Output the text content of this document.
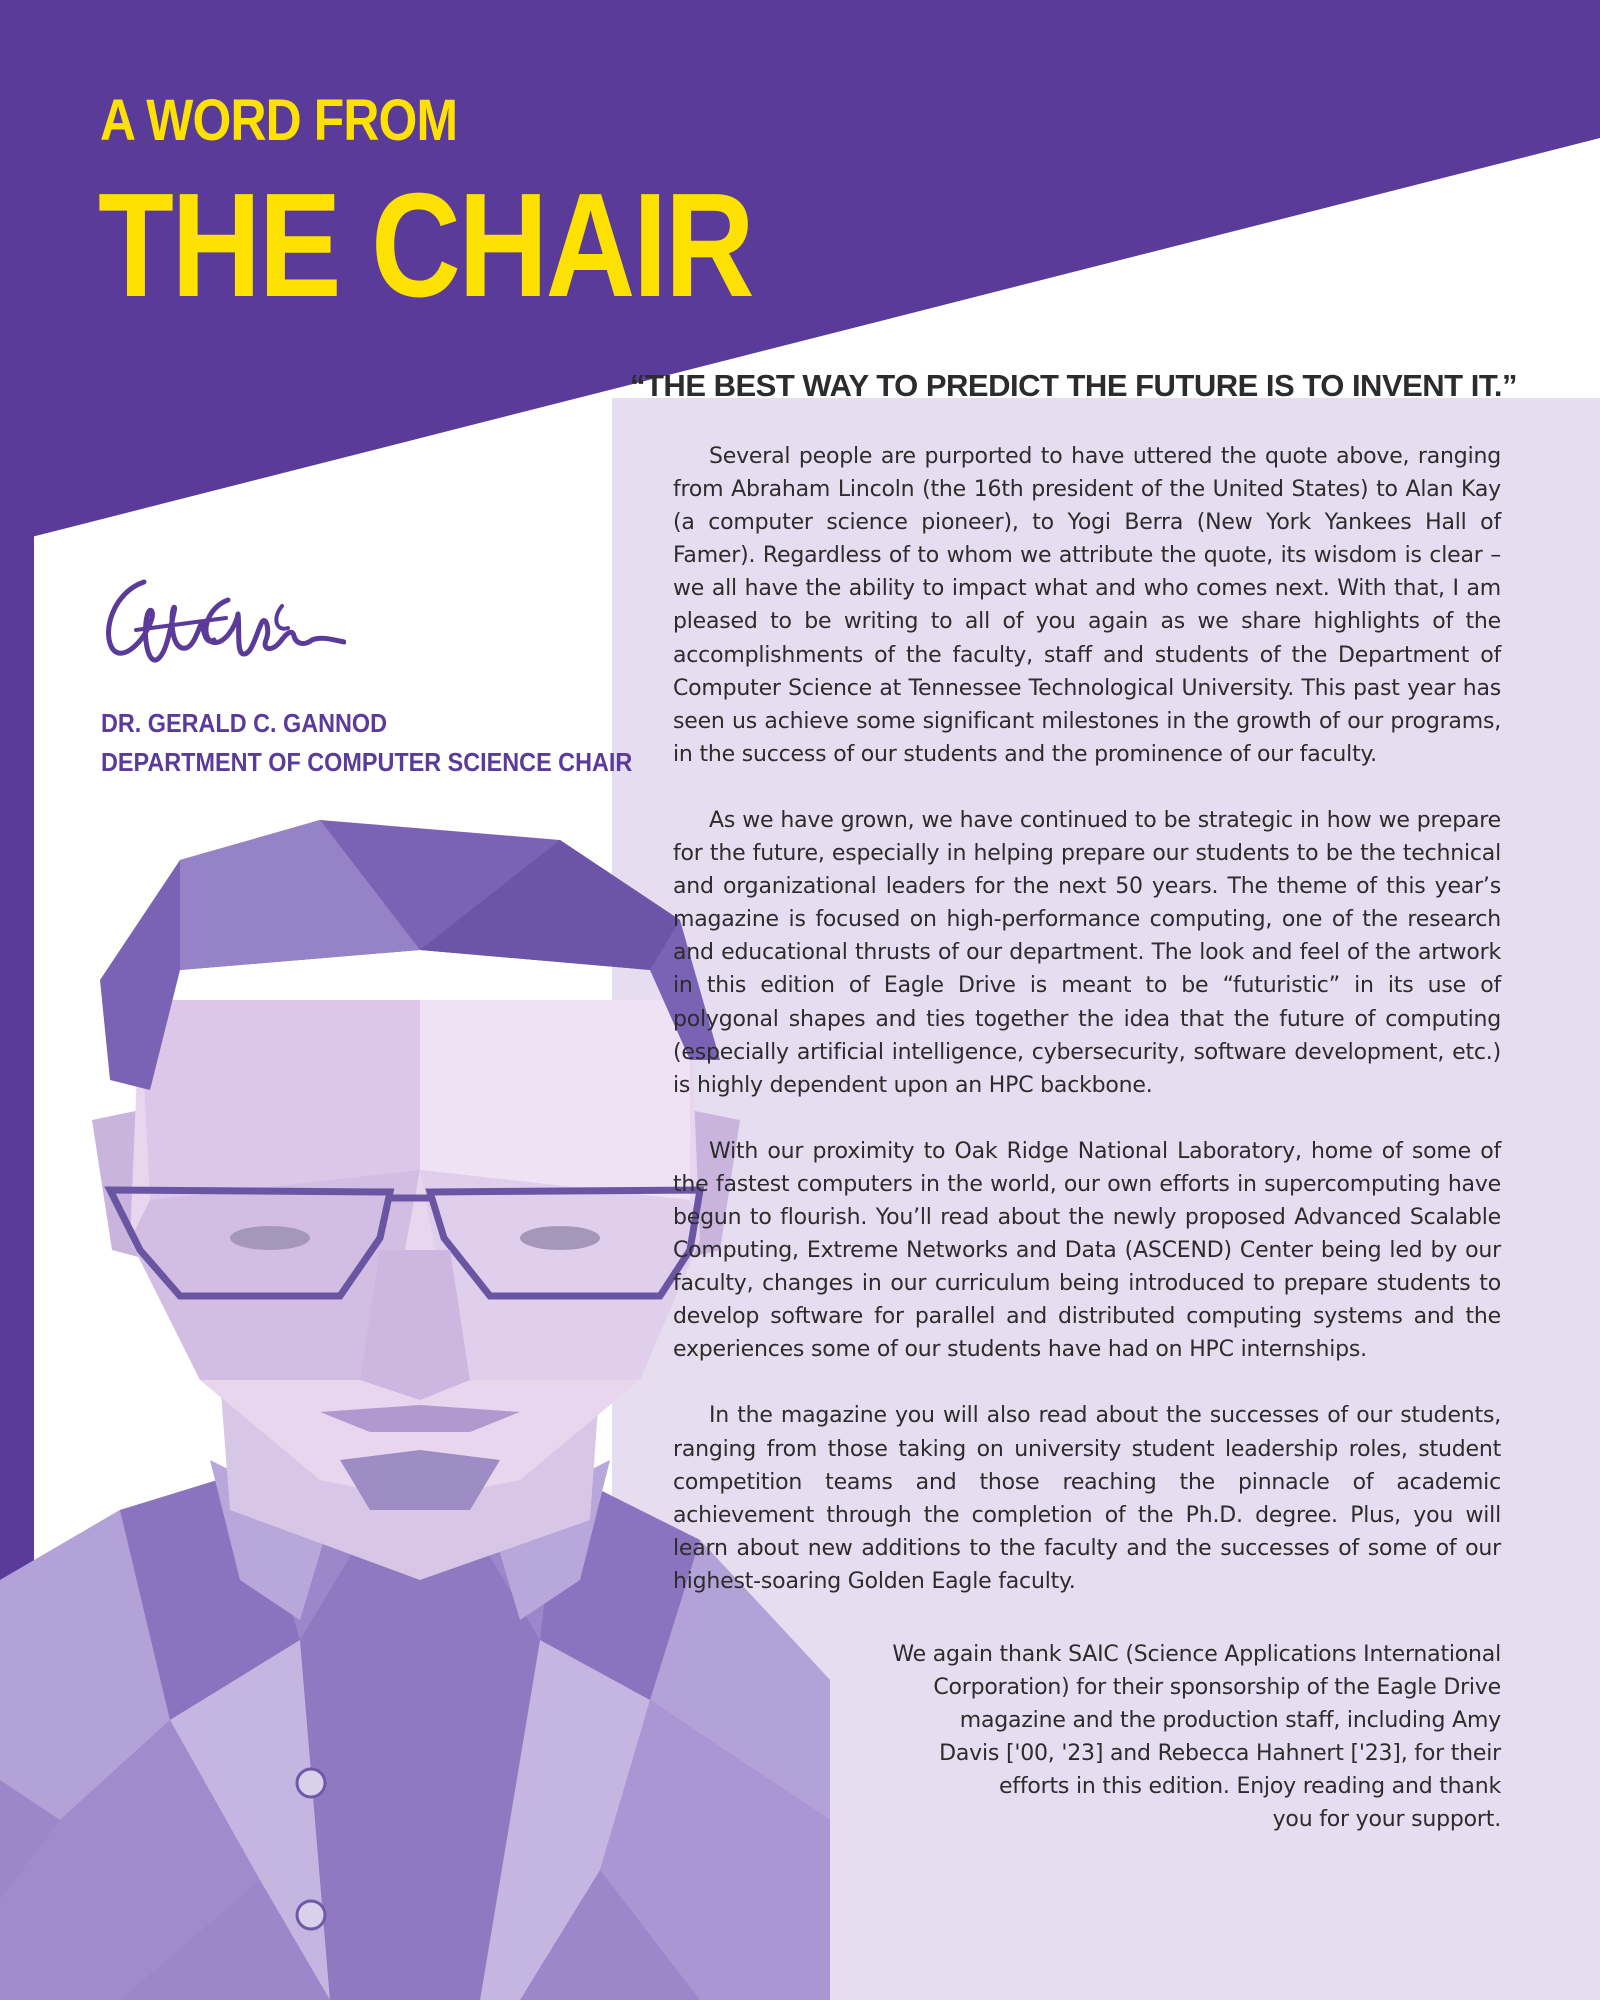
A WORD FROM
THE CHAIR
“THE BEST WAY TO PREDICT THE FUTURE IS TO INVENT IT.”
DR. GERALD C. GANNOD
DEPARTMENT OF COMPUTER SCIENCE CHAIR

Several people are purported to have uttered the quote above, ranging from Abraham Lincoln (the 16th president of the United States) to Alan Kay (a computer science pioneer), to Yogi Berra (New York Yankees Hall of Famer). Regardless of to whom we attribute the quote, its wisdom is clear – we all have the ability to impact what and who comes next. With that, I am pleased to be writing to all of you again as we share highlights of the accomplishments of the faculty, staff and students of the Department of Computer Science at Tennessee Technological University. This past year has seen us achieve some significant milestones in the growth of our programs, in the success of our students and the prominence of our faculty.

As we have grown, we have continued to be strategic in how we prepare for the future, especially in helping prepare our students to be the technical and organizational leaders for the next 50 years. The theme of this year’s magazine is focused on high-performance computing, one of the research and educational thrusts of our department. The look and feel of the artwork in this edition of Eagle Drive is meant to be “futuristic” in its use of polygonal shapes and ties together the idea that the future of computing (especially artificial intelligence, cybersecurity, software development, etc.) is highly dependent upon an HPC backbone.

With our proximity to Oak Ridge National Laboratory, home of some of the fastest computers in the world, our own efforts in supercomputing have begun to flourish. You’ll read about the newly proposed Advanced Scalable Computing, Extreme Networks and Data (ASCEND) Center being led by our faculty, changes in our curriculum being introduced to prepare students to develop software for parallel and distributed computing systems and the experiences some of our students have had on HPC internships.

In the magazine you will also read about the successes of our students, ranging from those taking on university student leadership roles, student competition teams and those reaching the pinnacle of academic achievement through the completion of the Ph.D. degree. Plus, you will learn about new additions to the faculty and the successes of some of our highest-soaring Golden Eagle faculty.

We again thank SAIC (Science Applications International
Corporation) for their sponsorship of the Eagle Drive
magazine and the production staff, including Amy
Davis ['00, '23] and Rebecca Hahnert ['23], for their
efforts in this edition. Enjoy reading and thank
you for your support.
